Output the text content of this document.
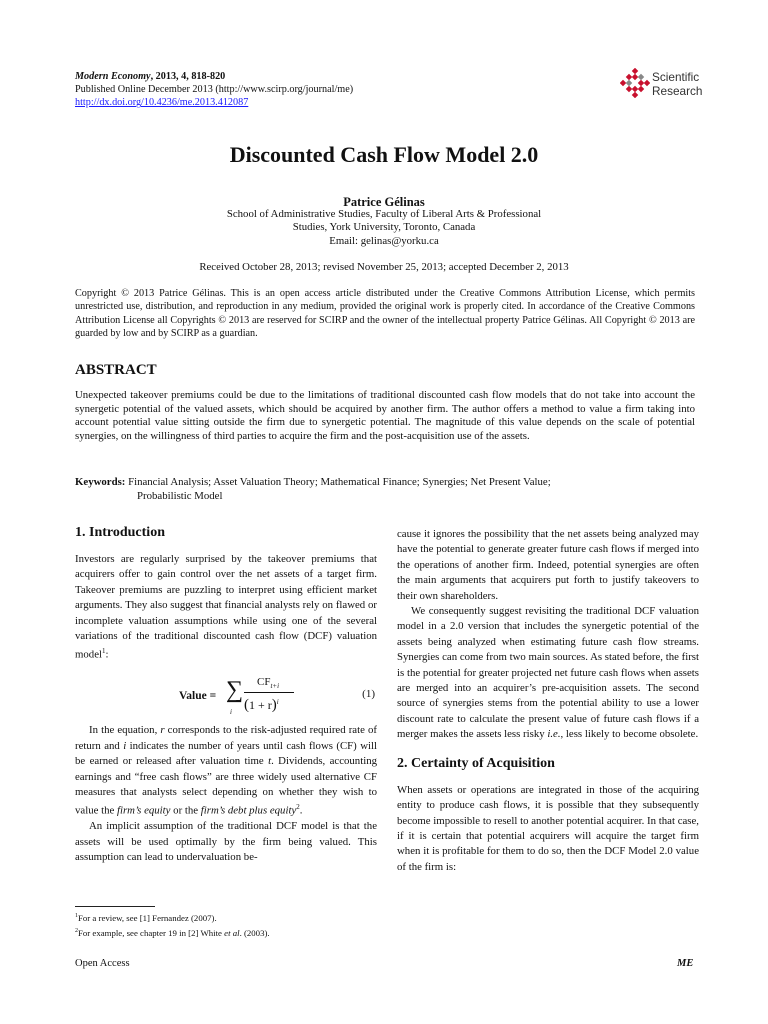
Modern Economy, 2013, 4, 818-820
Published Online December 2013 (http://www.scirp.org/journal/me)
http://dx.doi.org/10.4236/me.2013.412087
Scientific
Research
Discounted Cash Flow Model 2.0
Patrice Gélinas
School of Administrative Studies, Faculty of Liberal Arts & Professional
Studies, York University, Toronto, Canada
Email: gelinas@yorku.ca
Received October 28, 2013; revised November 25, 2013; accepted December 2, 2013
Copyright © 2013 Patrice Gélinas. This is an open access article distributed under the Creative Commons Attribution License, which permits unrestricted use, distribution, and reproduction in any medium, provided the original work is properly cited. In accordance of the Creative Commons Attribution License all Copyrights © 2013 are reserved for SCIRP and the owner of the intellectual property Patrice Gélinas. All Copyright © 2013 are guarded by low and by SCIRP as a guardian.
ABSTRACT
Unexpected takeover premiums could be due to the limitations of traditional discounted cash flow models that do not take into account the synergetic potential of the valued assets, which should be acquired by another firm. The author offers a method to value a firm taking into account potential value sitting outside the firm due to synergetic potential. The magnitude of this value depends on the scale of potential synergies, on the willingness of third parties to acquire the firm and the post-acquisition use of the assets.
Keywords: Financial Analysis; Asset Valuation Theory; Mathematical Finance; Synergies; Net Present Value;
Probabilistic Model
1. Introduction

Investors are regularly surprised by the takeover premiums that acquirers offer to gain control over the net assets of a target firm. Takeover premiums are puzzling to interpret using efficient market arguments. They also suggest that financial analysts rely on flawed or incomplete valuation assumptions while using one of the several variations of the traditional discounted cash flow (DCF) valuation model$^1$:

Value = ∑
i
$CF_{t+i}$
$(1 + r)^i$
(1)

In the equation, r corresponds to the risk-adjusted required rate of return and i indicates the number of years until cash flows (CF) will be earned or released after valuation time t. Dividends, accounting earnings and “free cash flows” are three widely used alternative CF measures that analysts select depending on whether they wish to value the firm’s equity or the firm’s debt plus equity$^2$.

An implicit assumption of the traditional DCF model is that the assets will be used optimally by the firm being valued. This assumption can lead to undervaluation be-

cause it ignores the possibility that the net assets being analyzed may have the potential to generate greater future cash flows if merged into the operations of another firm. Indeed, potential synergies are often the main arguments that acquirers put forth to justify takeovers to their own shareholders.

We consequently suggest revisiting the traditional DCF valuation model in a 2.0 version that includes the synergetic potential of the assets being analyzed when estimating future cash flow streams. Synergies can come from two main sources. As stated before, the first is the potential for greater projected net future cash flows when assets are merged into an acquirer’s pre-acquisition assets. The second source of synergies stems from the potential ability to use a lower discount rate to calculate the present value of future cash flows if a merger makes the assets less risky i.e., less likely to become obsolete.

2. Certainty of Acquisition

When assets or operations are integrated in those of the acquiring entity to produce cash flows, it is possible that they subsequently become impossible to resell to another potential acquirer. In that case, if it is certain that potential acquirers will acquire the target firm when it is profitable for them to do so, then the DCF Model 2.0 value of the firm is:

$^1$For a review, see [1] Fernandez (2007).
$^2$For example, see chapter 19 in [2] White et al. (2003).
Open Access	ME
